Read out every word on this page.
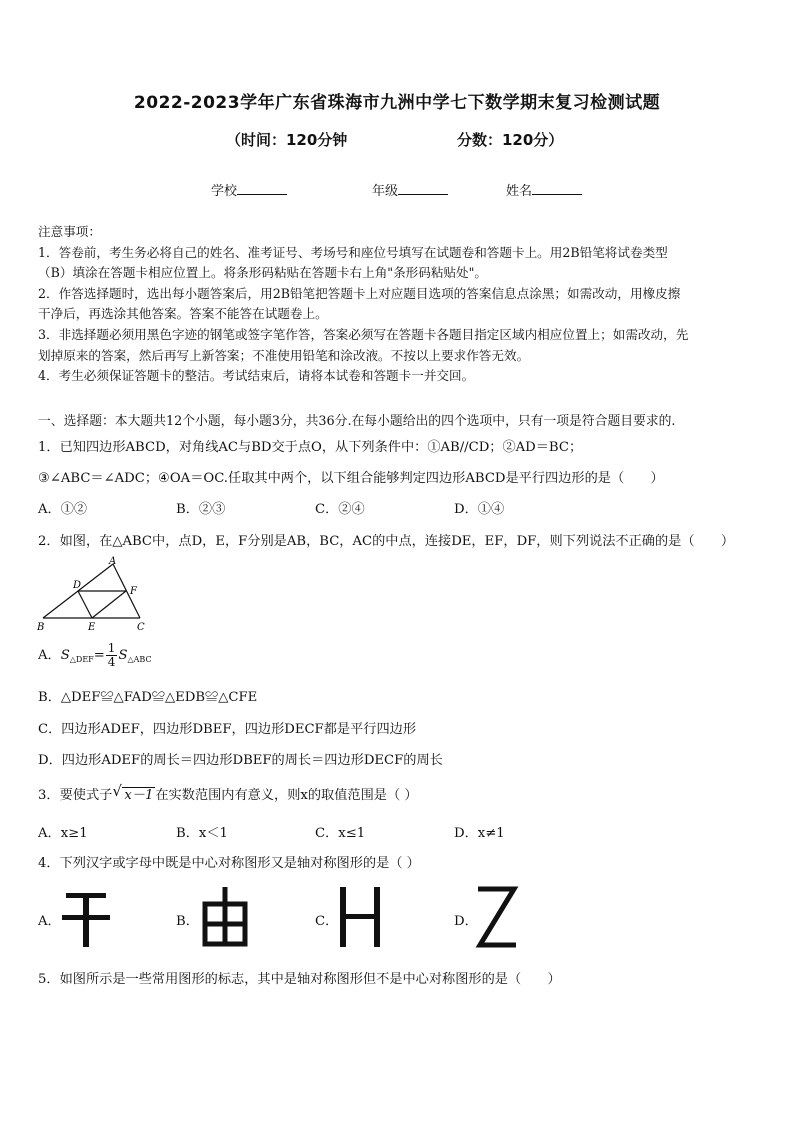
2022-2023学年广东省珠海市九洲中学七下数学期末复习检测试题
（时间：120分钟	分数：120分）
学校	年级	姓名

注意事项：

1．答卷前，考生务必将自己的姓名、准考证号、考场号和座位号填写在试题卷和答题卡上。用2B铅笔将试卷类型

（B）填涂在答题卡相应位置上。将条形码粘贴在答题卡右上角"条形码粘贴处"。

2．作答选择题时，选出每小题答案后，用2B铅笔把答题卡上对应题目选项的答案信息点涂黑；如需改动，用橡皮擦

干净后，再选涂其他答案。答案不能答在试题卷上。

3．非选择题必须用黑色字迹的钢笔或签字笔作答，答案必须写在答题卡各题目指定区域内相应位置上；如需改动，先

划掉原来的答案，然后再写上新答案；不准使用铅笔和涂改液。不按以上要求作答无效。

4．考生必须保证答题卡的整洁。考试结束后，请将本试卷和答题卡一并交回。

一、选择题：本大题共12个小题，每小题3分，共36分.在每小题给出的四个选项中，只有一项是符合题目要求的.
1．已知四边形ABCD，对角线AC与BD交于点O，从下列条件中：①AB//CD；②AD＝BC；
③∠ABC＝∠ADC；④OA＝OC.任取其中两个，以下组合能够判定四边形ABCD是平行四边形的是（　　）
A．①②	B．②③	C．②④	D．①④
2．如图，在△ABC中，点D，E，F分别是AB，BC，AC的中点，连接DE，EF，DF，则下列说法不正确的是（　　）
A
D
F
B	E	C
A．$S_{\triangle DEF}= \frac{1}{4} S_{\triangle ABC}$
B．△DEF≌△FAD≌△EDB≌△CFE
C．四边形ADEF，四边形DBEF，四边形DECF都是平行四边形
D．四边形ADEF的周长＝四边形DBEF的周长＝四边形DECF的周长
3．要使式子 √ x－1 在实数范围内有意义，则x的取值范围是（ ）
A．x≥1	B．x＜1	C．x≤1	D．x≠1
4．下列汉字或字母中既是中心对称图形又是轴对称图形的是（ ）
A．	B．	C．	D．
5．如图所示是一些常用图形的标志，其中是轴对称图形但不是中心对称图形的是（　　）
